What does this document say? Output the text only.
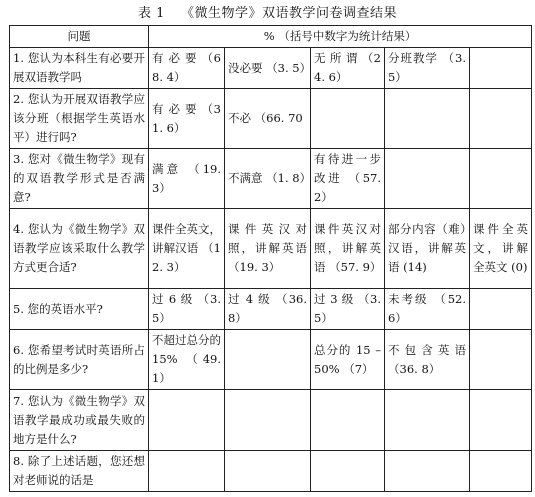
表 1 《微生物学》双语教学问卷调查结果
问题	% （括号中数字为统计结果）				
1. 您认为本科生有必要开展双语教学吗	有 必 要 （68. 4）	没必要 （3. 5）	无 所 谓 （24. 6）	分班教学 （3. 5）	
2. 您认为开展双语教学应该分班（根据学生英语水平）进行吗?	有 必 要 （31. 6）	不必 （66. 70			
3. 您对《微生物学》现有的双语教学形式是否满意?	满意 （19. 3）	不满意 （1. 8）	有待进一步改进 （57. 2）		
4. 您认为《微生物学》双语教学应该采取什么教学方式更合适?	课件全英文，讲解汉语 （12. 3）	课件英汉对照，讲解英语 （19. 3）	课件英汉对照，讲解英语 （57. 9）	部分内容（难）汉语，讲解英语 (14)	课件全英文，讲解全英文 (0)
5. 您的英语水平?	过 6 级 （3. 5）	过 4 级 （36. 8）	过 3 级 （3. 5）	未考级 （52. 6）	
6. 您希望考试时英语所占的比例是多少?	不超过总分的 15% （49. 1）		总分的 15 – 50% （7）	不包含英语 （36. 8）	
7. 您认为《微生物学》双语教学最成功或最失败的地方是什么?					
8. 除了上述话题，您还想对老师说的话是					
